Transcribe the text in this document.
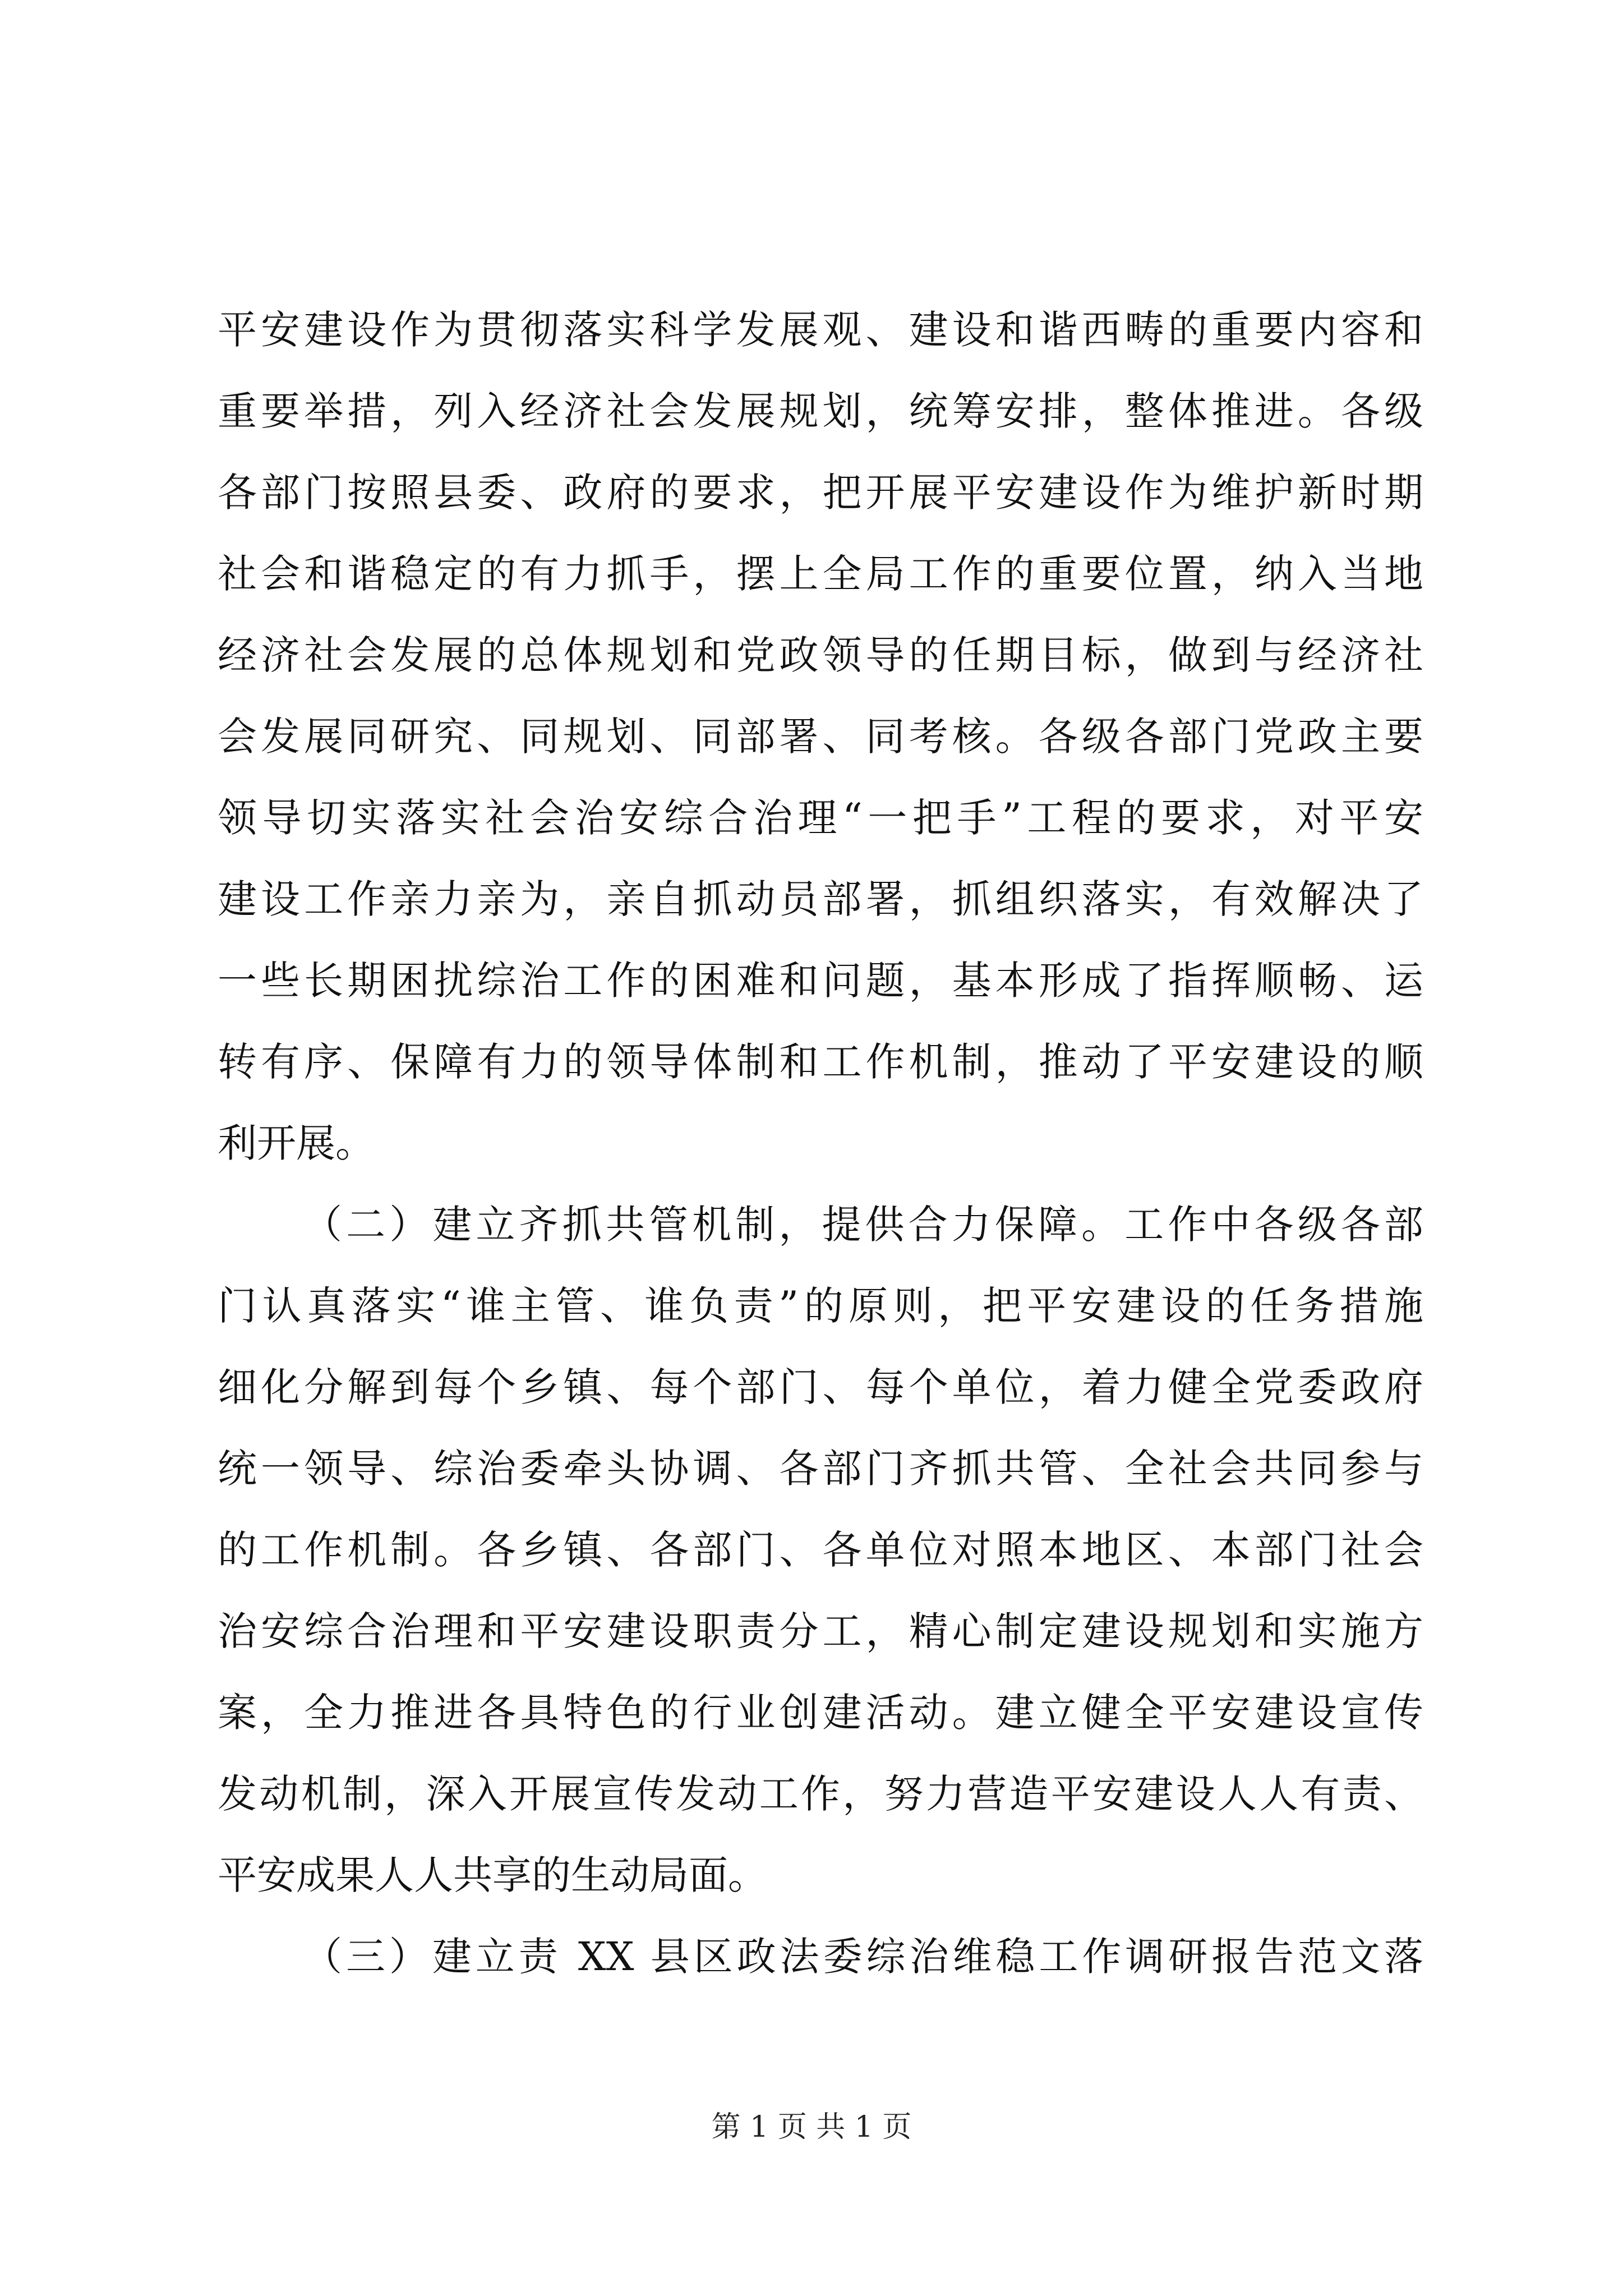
平安建设作为贯彻落实科学发展观、建设和谐西畴的重要内容和
重要举措，列入经济社会发展规划，统筹安排，整体推进。各级
各部门按照县委、政府的要求，把开展平安建设作为维护新时期
社会和谐稳定的有力抓手，摆上全局工作的重要位置，纳入当地
经济社会发展的总体规划和党政领导的任期目标，做到与经济社
会发展同研究、同规划、同部署、同考核。各级各部门党政主要
领导切实落实社会治安综合治理“一把手”工程的要求，对平安
建设工作亲力亲为，亲自抓动员部署，抓组织落实，有效解决了
一些长期困扰综治工作的困难和问题，基本形成了指挥顺畅、运
转有序、保障有力的领导体制和工作机制，推动了平安建设的顺
利开展。
（二）建立齐抓共管机制，提供合力保障。工作中各级各部
门认真落实“谁主管、谁负责”的原则，把平安建设的任务措施
细化分解到每个乡镇、每个部门、每个单位，着力健全党委政府
统一领导、综治委牵头协调、各部门齐抓共管、全社会共同参与
的工作机制。各乡镇、各部门、各单位对照本地区、本部门社会
治安综合治理和平安建设职责分工，精心制定建设规划和实施方
案，全力推进各具特色的行业创建活动。建立健全平安建设宣传
发动机制，深入开展宣传发动工作，努力营造平安建设人人有责、
平安成果人人共享的生动局面。
（三）建立责 XX 县区政法委综治维稳工作调研报告范文落
第 1 页 共 1 页
